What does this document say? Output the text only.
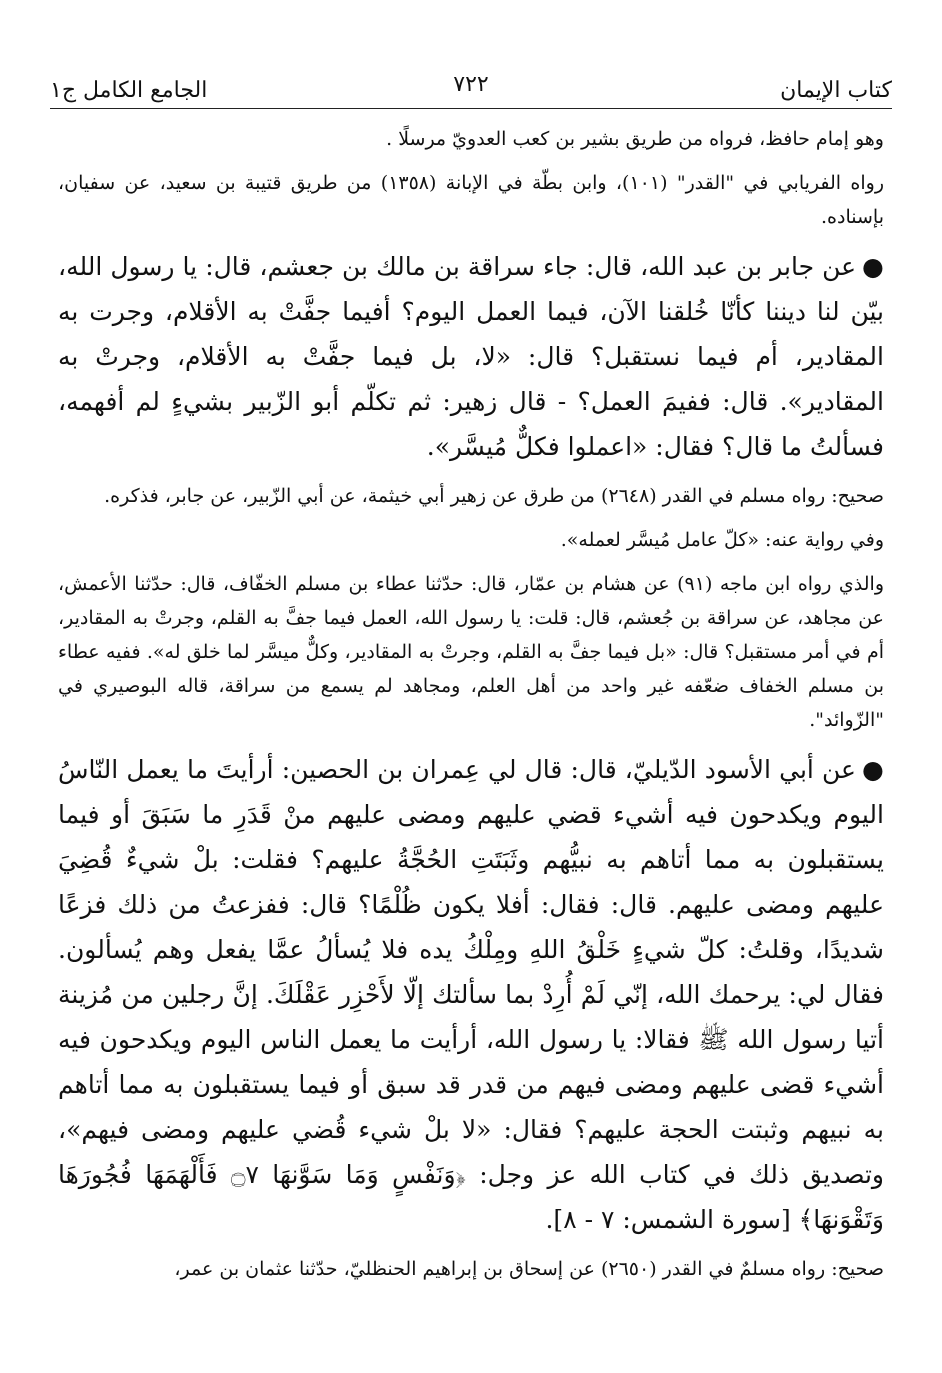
كتاب الإيمان
٧٢٢
الجامع الكامل ج١

وهو إمام حافظ، فرواه من طريق بشير بن كعب العدويّ مرسلًا .

رواه الفريابي في "القدر" (١٠١)، وابن بطّة في الإبانة (١٣٥٨) من طريق قتيبة بن سعيد، عن سفيان، بإسناده.

●عن جابر بن عبد الله، قال: جاء سراقة بن مالك بن جعشم، قال: يا رسول الله، بيّن لنا ديننا كأنّا خُلقنا الآن، فيما العمل اليوم؟ أفيما جفَّتْ به الأقلام، وجرت به المقادير، أم فيما نستقبل؟ قال: «لا، بل فيما جفَّتْ به الأقلام، وجرتْ به المقادير». قال: ففيمَ العمل؟ - قال زهير: ثم تكلّم أبو الزّبير بشيءٍ لم أفهمه، فسألتُ ما قال؟ فقال: «اعملوا فكلٌّ مُيسَّر».

صحيح: رواه مسلم في القدر (٢٦٤٨) من طرق عن زهير أبي خيثمة، عن أبي الزّبير، عن جابر، فذكره.

وفي رواية عنه: «كلّ عامل مُيسَّر لعمله».

والذي رواه ابن ماجه (٩١) عن هشام بن عمّار، قال: حدّثنا عطاء بن مسلم الخفّاف، قال: حدّثنا الأعمش، عن مجاهد، عن سراقة بن جُعشم، قال: قلت: يا رسول الله، العمل فيما جفَّ به القلم، وجرتْ به المقادير، أم في أمر مستقبل؟ قال: «بل فيما جفَّ به القلم، وجرتْ به المقادير، وكلٌّ ميسَّر لما خلق له». ففيه عطاء بن مسلم الخفاف ضعّفه غير واحد من أهل العلم، ومجاهد لم يسمع من سراقة، قاله البوصيري في "الزّوائد".

●عن أبي الأسود الدّيليّ، قال: قال لي عِمران بن الحصين: أرأيتَ ما يعمل النّاسُ اليوم ويكدحون فيه أشيء قضي عليهم ومضى عليهم منْ قَدَرِ ما سَبَقَ أو فيما يستقبلون به مما أتاهم به نبيُّهم وثَبَتَتِ الحُجَّةُ عليهم؟ فقلت: بلْ شيءٌ قُضِيَ عليهم ومضى عليهم. قال: فقال: أفلا يكون ظُلْمًا؟ قال: ففزعتُ من ذلك فزعًا شديدًا، وقلتُ: كلّ شيءٍ خَلْقُ اللهِ ومِلْكُ يده فلا يُسألُ عمَّا يفعل وهم يُسألون. فقال لي: يرحمك الله، إنّي لَمْ أُرِدْ بما سألتك إلّا لأَحْزِر عَقْلَكَ. إنَّ رجلين من مُزينة أتيا رسول الله ﷺ فقالا: يا رسول الله، أرأيت ما يعمل الناس اليوم ويكدحون فيه أشيء قضى عليهم ومضى فيهم من قدر قد سبق أو فيما يستقبلون به مما أتاهم به نبيهم وثبتت الحجة عليهم؟ فقال: «لا بلْ شيء قُضي عليهم ومضى فيهم»، وتصديق ذلك في كتاب الله عز وجل: ﴿وَنَفْسٍ وَمَا سَوَّنهَا ۝٧ فَأَلْهَمَهَا فُجُورَهَا وَتَقْوَنهَا﴾ [سورة الشمس: ٧ - ٨].

صحيح: رواه مسلمٌ في القدر (٢٦٥٠) عن إسحاق بن إبراهيم الحنظليّ، حدّثنا عثمان بن عمر،
